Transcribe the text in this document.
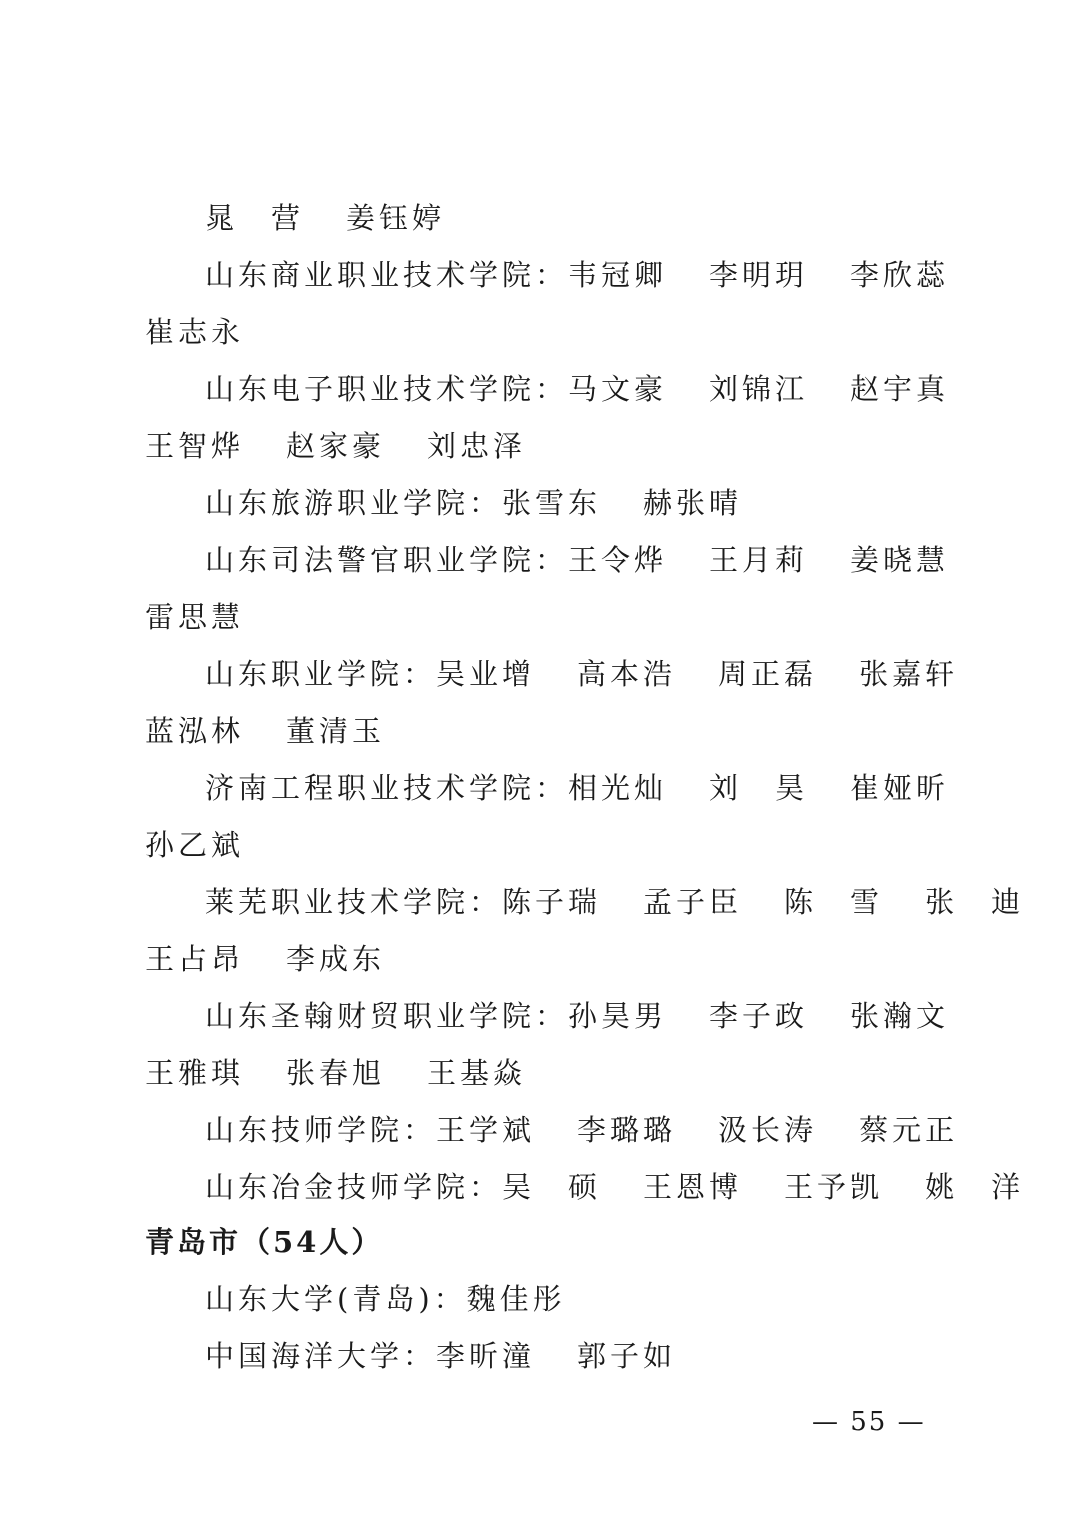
晁　营 姜钰婷
山东商业职业技术学院：韦冠卿 李明玥 李欣蕊
崔志永
山东电子职业技术学院：马文豪 刘锦江 赵宇真
王智烨 赵家豪 刘忠泽
山东旅游职业学院：张雪东 赫张晴
山东司法警官职业学院：王令烨 王月莉 姜晓慧
雷思慧
山东职业学院：吴业增 高本浩 周正磊 张嘉轩
蓝泓林 董清玉
济南工程职业技术学院：相光灿 刘　昊 崔娅昕
孙乙斌
莱芜职业技术学院：陈子瑞 孟子臣 陈　雪 张　迪
王占昂 李成东
山东圣翰财贸职业学院：孙昊男 李子政 张瀚文
王雅琪 张春旭 王基焱
山东技师学院：王学斌 李璐璐 汲长涛 蔡元正
山东冶金技师学院：吴　硕 王恩博 王予凯 姚　洋
青岛市（54人）
山东大学(青岛)：魏佳彤
中国海洋大学：李昕潼 郭子如
— 55 —
